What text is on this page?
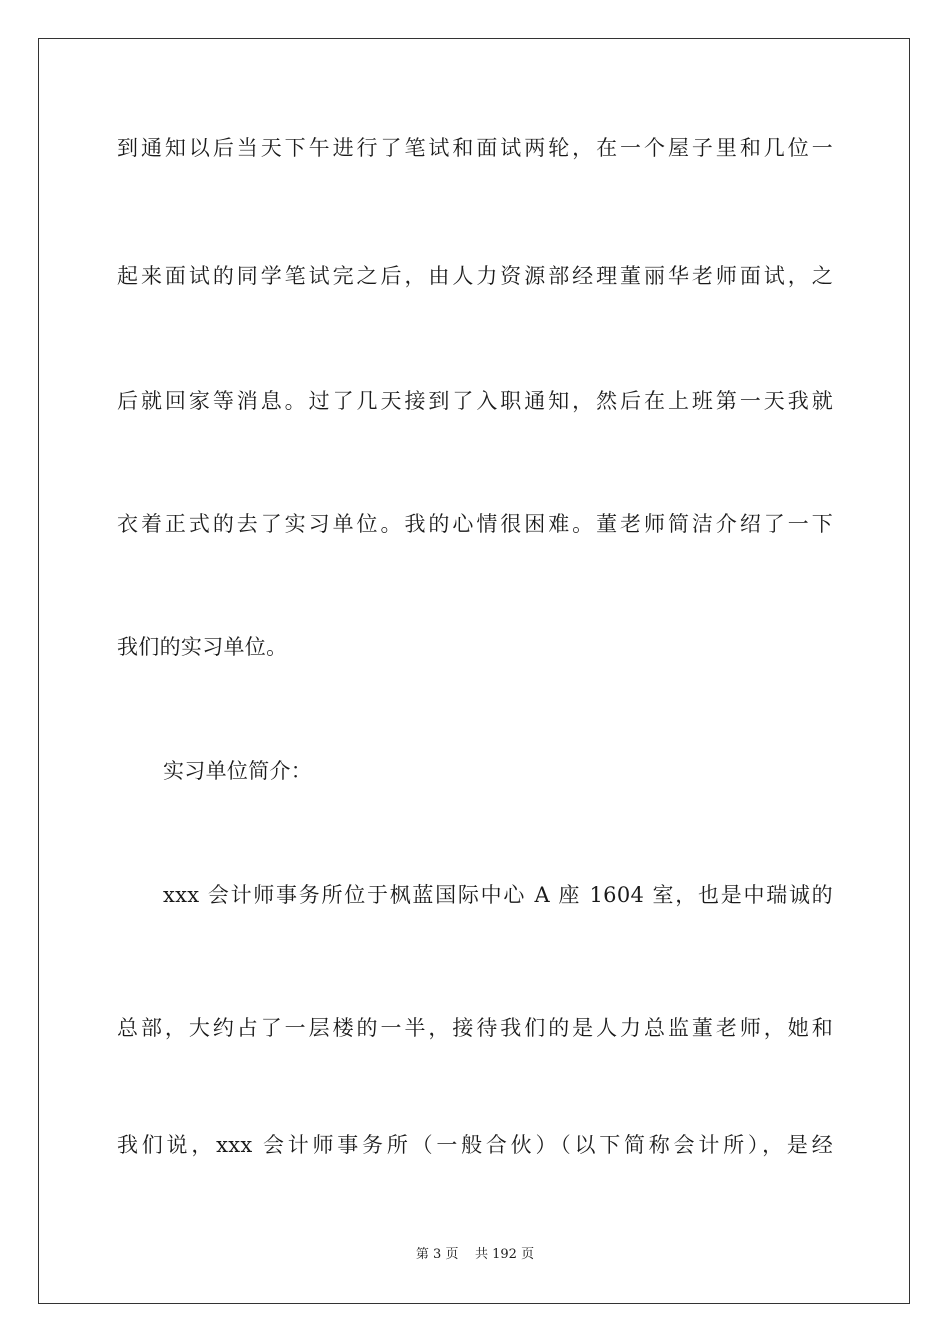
到通知以后当天下午进行了笔试和面试两轮，在一个屋子里和几位一
起来面试的同学笔试完之后，由人力资源部经理董丽华老师面试，之
后就回家等消息。过了几天接到了入职通知，然后在上班第一天我就
衣着正式的去了实习单位。我的心情很困难。董老师简洁介绍了一下
我们的实习单位。
实习单位简介：
xxx 会计师事务所位于枫蓝国际中心 A 座 1604 室，也是中瑞诚的
总部，大约占了一层楼的一半，接待我们的是人力总监董老师，她和
我们说，xxx 会计师事务所（一般合伙）（以下简称会计所），是经
第 3 页    共 192 页
